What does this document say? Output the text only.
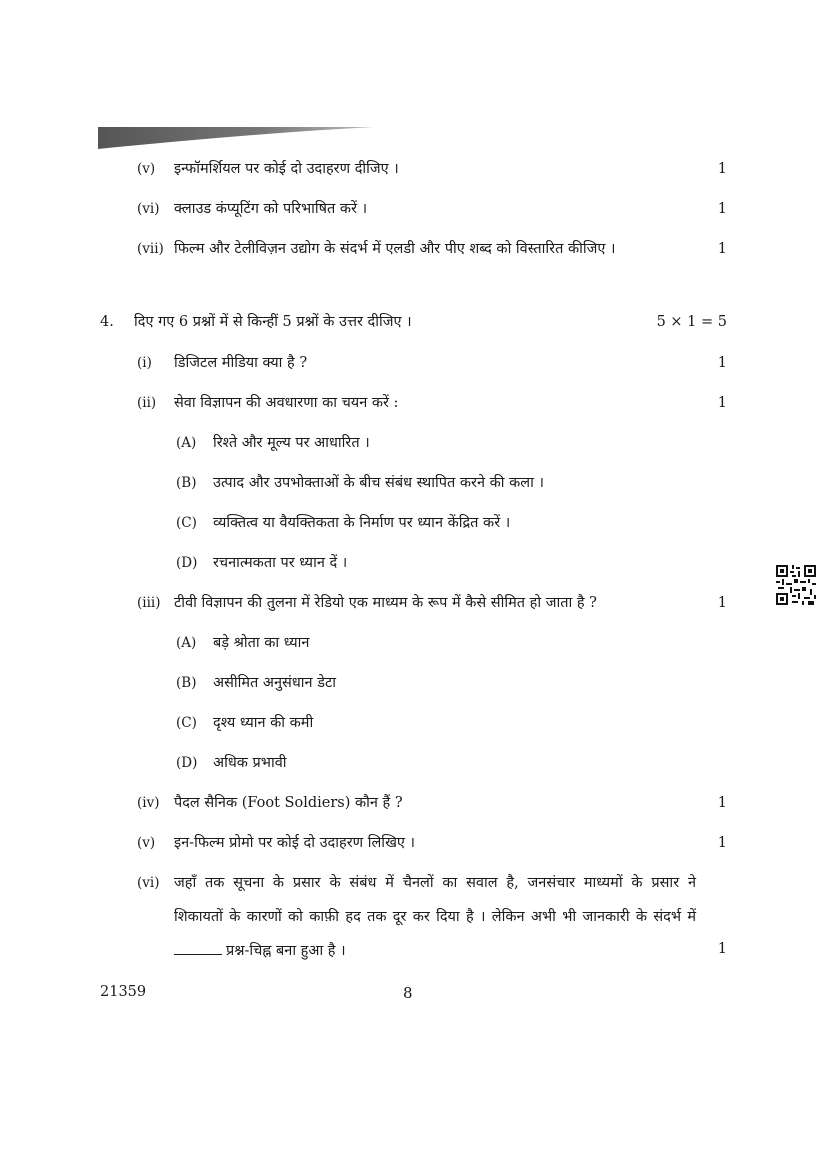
(v) इन्फॉमर्शियल पर कोई दो उदाहरण दीजिए ।	1
(vi) क्लाउड कंप्यूटिंग को परिभाषित करें ।	1
(vii) फिल्म और टेलीविज़न उद्योग के संदर्भ में एलडी और पीए शब्द को विस्तारित कीजिए ।	1
4. दिए गए 6 प्रश्नों में से किन्हीं 5 प्रश्नों के उत्तर दीजिए ।	5 × 1 = 5
(i) डिजिटल मीडिया क्या है ?	1
(ii) सेवा विज्ञापन की अवधारणा का चयन करें :	1
(A) रिश्ते और मूल्य पर आधारित ।
(B) उत्पाद और उपभोक्ताओं के बीच संबंध स्थापित करने की कला ।
(C) व्यक्तित्व या वैयक्तिकता के निर्माण पर ध्यान केंद्रित करें ।
(D) रचनात्मकता पर ध्यान दें ।
(iii) टीवी विज्ञापन की तुलना में रेडियो एक माध्यम के रूप में कैसे सीमित हो जाता है ?	1
(A) बड़े श्रोता का ध्यान
(B) असीमित अनुसंधान डेटा
(C) दृश्य ध्यान की कमी
(D) अधिक प्रभावी
(iv) पैदल सैनिक (Foot Soldiers) कौन हैं ?	1
(v) इन-फिल्म प्रोमो पर कोई दो उदाहरण लिखिए ।	1
(vi) जहाँ तक सूचना के प्रसार के संबंध में चैनलों का सवाल है, जनसंचार माध्यमों के प्रसार ने
शिकायतों के कारणों को काफ़ी हद तक दूर कर दिया है । लेकिन अभी भी जानकारी के संदर्भ में
प्रश्न-चिह्न बना हुआ है ।	1
21359	8
